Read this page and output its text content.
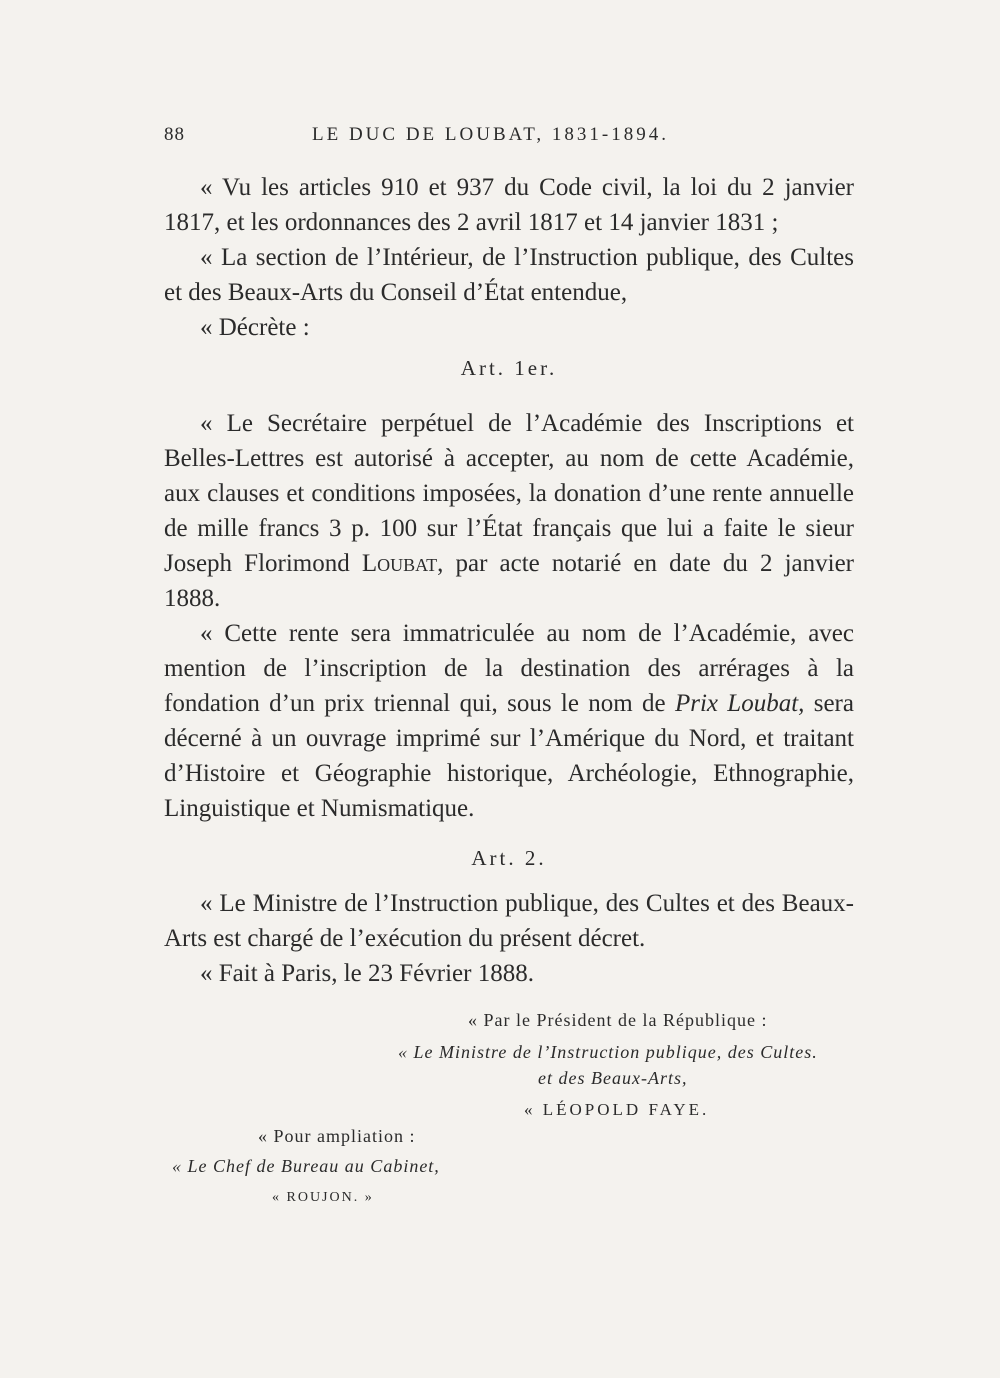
88	LE DUC DE LOUBAT, 1831-1894.

« Vu les articles 910 et 937 du Code civil, la loi du 2 janvier 1817, et les ordonnances des 2 avril 1817 et 14 janvier 1831 ;

« La section de l’Intérieur, de l’Instruction publique, des Cultes et des Beaux-Arts du Conseil d’État entendue,

« Décrète :

Art. 1er.

« Le Secrétaire perpétuel de l’Académie des Inscriptions et Belles-Lettres est autorisé à accepter, au nom de cette Académie, aux clauses et conditions imposées, la donation d’une rente annuelle de mille francs 3 p. 100 sur l’État français que lui a faite le sieur Joseph Florimond Loubat, par acte notarié en date du 2 janvier 1888.

« Cette rente sera immatriculée au nom de l’Académie, avec mention de l’inscription de la destination des arrérages à la fondation d’un prix triennal qui, sous le nom de Prix Loubat, sera décerné à un ouvrage imprimé sur l’Amérique du Nord, et traitant d’Histoire et Géographie historique, Archéologie, Ethnographie, Linguistique et Numismatique.

Art. 2.

« Le Ministre de l’Instruction publique, des Cultes et des Beaux-Arts est chargé de l’exécution du présent décret.

« Fait à Paris, le 23 Février 1888.

« Par le Président de la République :
« Le Ministre de l’Instruction publique, des Cultes.
et des Beaux-Arts,
« LÉOPOLD FAYE.
« Pour ampliation :
« Le Chef de Bureau au Cabinet,
« ROUJON. »
